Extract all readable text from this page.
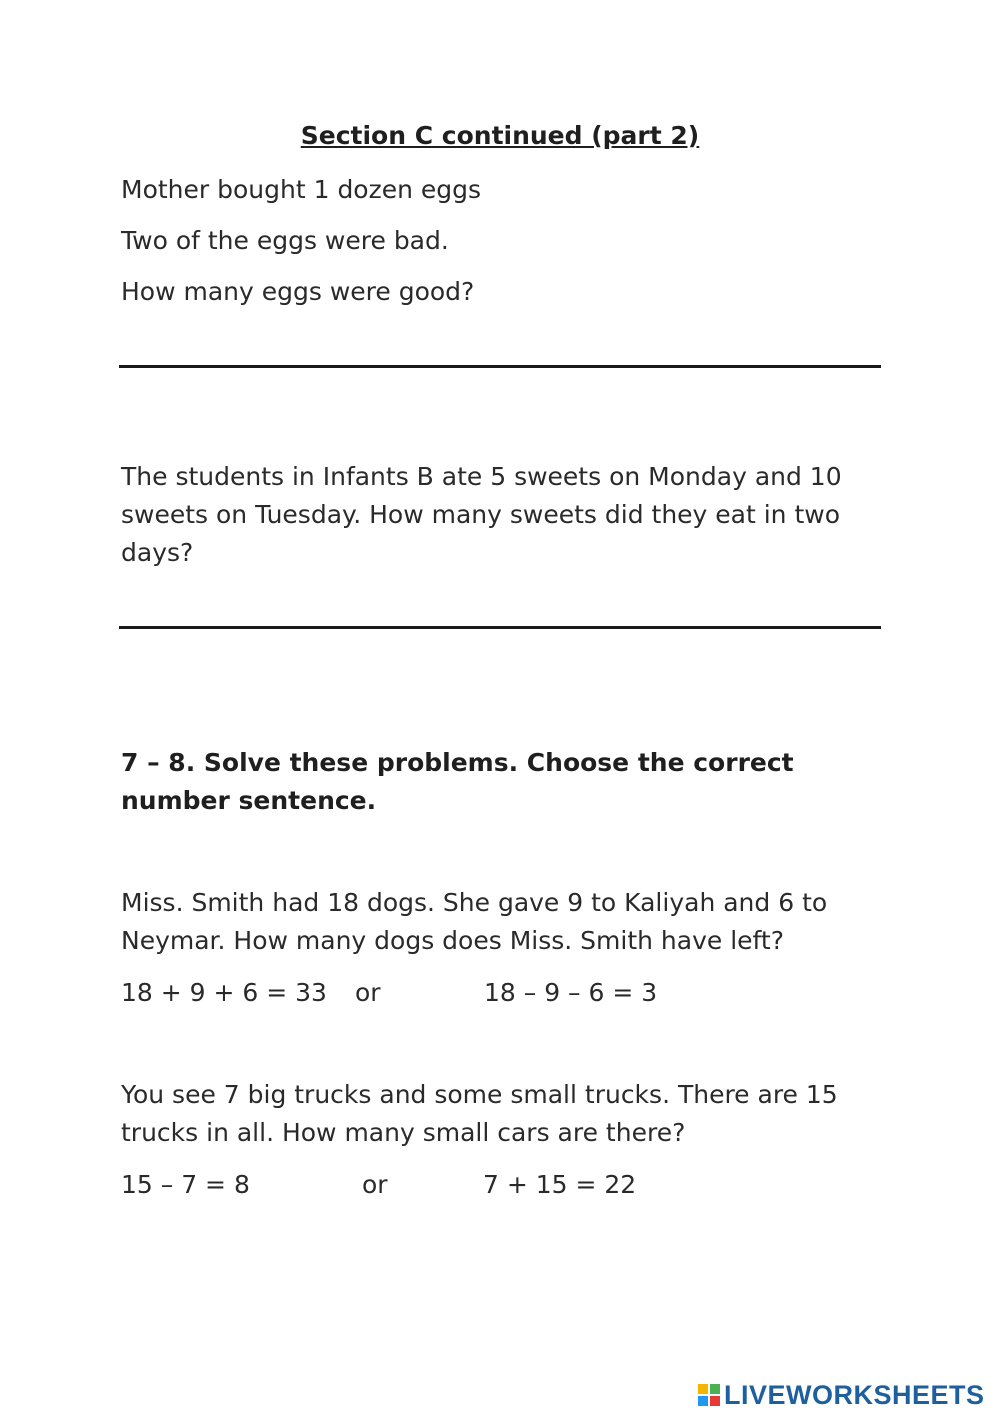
Section C continued (part 2)
Mother bought 1 dozen eggs
Two of the eggs were bad.
How many eggs were good?
The students in Infants B ate 5 sweets on Monday and 10 sweets on Tuesday. How many sweets did they eat in two days?
7 – 8. Solve these problems. Choose the correct number sentence.
Miss. Smith had 18 dogs. She gave 9 to Kaliyah and 6 to Neymar. How many dogs does Miss. Smith have left?
18 + 9 + 6 = 33 or	18 – 9 – 6 = 3
You see 7 big trucks and some small trucks. There are 15 trucks in all. How many small cars are there?
15 – 7 = 8	or	7 + 15 = 22
LIVEWORKSHEETS
